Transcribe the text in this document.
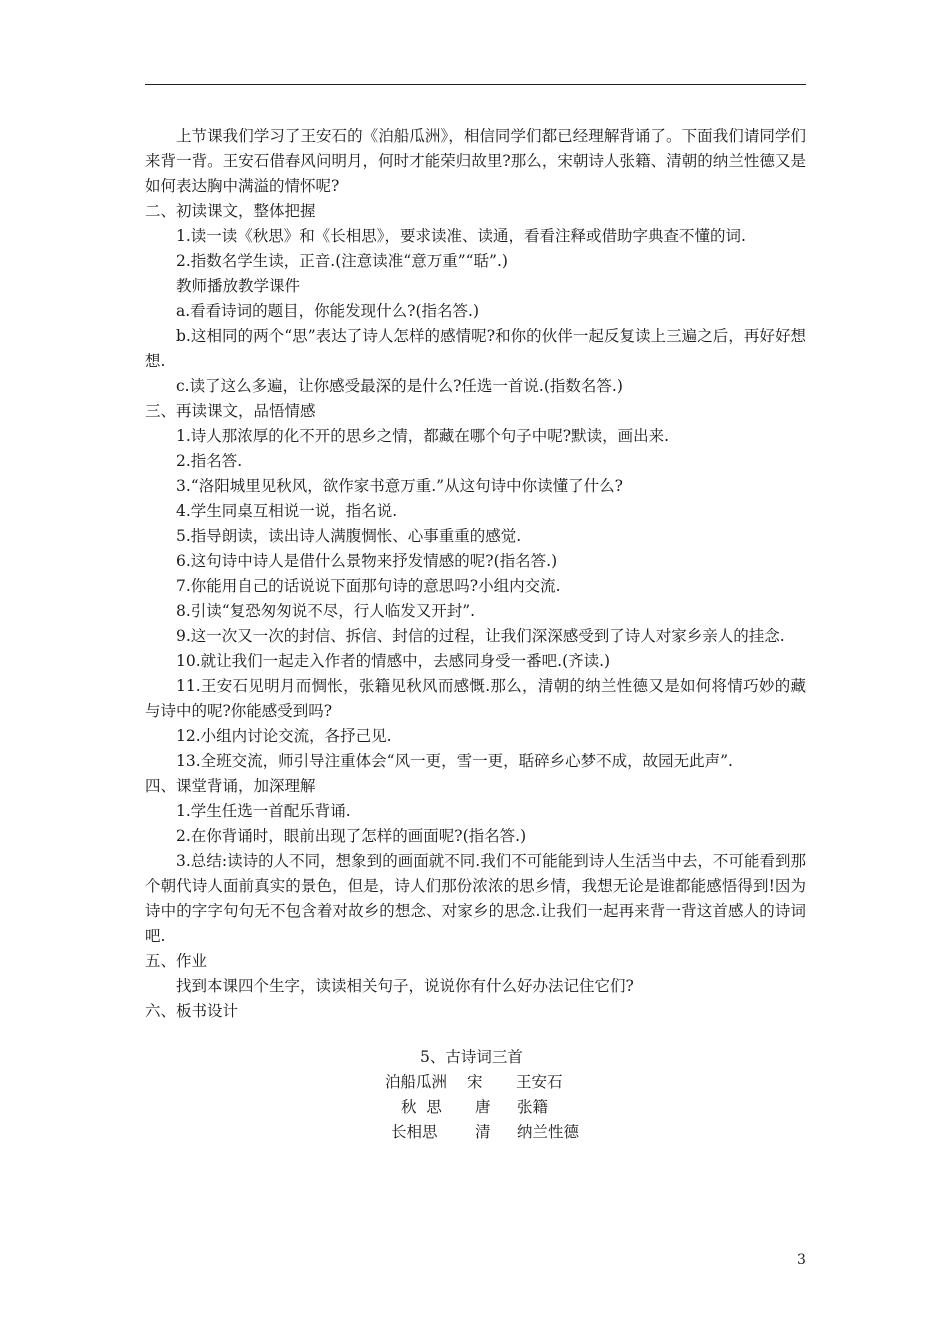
上节课我们学习了王安石的《泊船瓜洲》，相信同学们都已经理解背诵了。下面我们请同学们来背一背。王安石借春风问明月，何时才能荣归故里?那么，宋朝诗人张籍、清朝的纳兰性德又是如何表达胸中满溢的情怀呢?

二、初读课文，整体把握

1.读一读《秋思》和《长相思》，要求读准、读通，看看注释或借助字典查不懂的词.

2.指数名学生读，正音.(注意读准“意万重”“聒”.)

教师播放教学课件

a.看看诗词的题目，你能发现什么?(指名答.)

b.这相同的两个“思”表达了诗人怎样的感情呢?和你的伙伴一起反复读上三遍之后，再好好想想.

c.读了这么多遍，让你感受最深的是什么?任选一首说.(指数名答.)

三、再读课文，品悟情感

1.诗人那浓厚的化不开的思乡之情，都藏在哪个句子中呢?默读，画出来.

2.指名答.

3.“洛阳城里见秋风，欲作家书意万重.”从这句诗中你读懂了什么?

4.学生同桌互相说一说，指名说.

5.指导朗读，读出诗人满腹惆怅、心事重重的感觉.

6.这句诗中诗人是借什么景物来抒发情感的呢?(指名答.)

7.你能用自己的话说说下面那句诗的意思吗?小组内交流.

8.引读“复恐匆匆说不尽，行人临发又开封”.

9.这一次又一次的封信、拆信、封信的过程，让我们深深感受到了诗人对家乡亲人的挂念.

10.就让我们一起走入作者的情感中，去感同身受一番吧.(齐读.)

11.王安石见明月而惆怅，张籍见秋风而感慨.那么，清朝的纳兰性德又是如何将情巧妙的藏与诗中的呢?你能感受到吗?

12.小组内讨论交流，各抒己见.

13.全班交流，师引导注重体会“风一更，雪一更，聒碎乡心梦不成，故园无此声”.

四、课堂背诵，加深理解

1.学生任选一首配乐背诵.

2.在你背诵时，眼前出现了怎样的画面呢?(指名答.)

3.总结:读诗的人不同，想象到的画面就不同.我们不可能能到诗人生活当中去，不可能看到那个朝代诗人面前真实的景色，但是，诗人们那份浓浓的思乡情，我想无论是谁都能感悟得到!因为诗中的字字句句无不包含着对故乡的想念、对家乡的思念.让我们一起再来背一背这首感人的诗词吧.

五、作业

找到本课四个生字，读读相关句子，说说你有什么好办法记住它们?

六、板书设计

5、古诗词三首
泊船瓜洲 宋 王安石
秋  思 唐 张籍
长相思 清 纳兰性德
3
